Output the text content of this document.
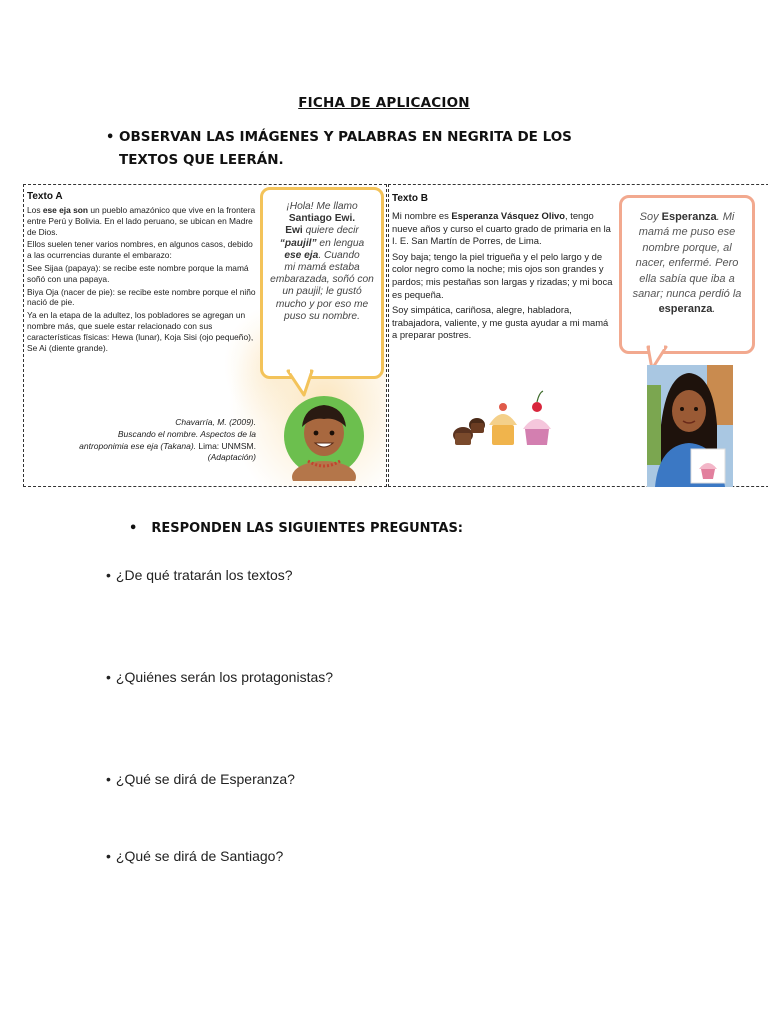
FICHA DE APLICACION
• OBSERVAN LAS IMÁGENES Y PALABRAS EN NEGRITA DE LOS TEXTOS QUE LEERÁN.
Texto A

Los ese eja son un pueblo amazónico que vive en la frontera entre Perú y Bolivia. En el lado peruano, se ubican en Madre de Dios.

Ellos suelen tener varios nombres, en algunos casos, debido a las ocurrencias durante el embarazo:

See Sijaa (papaya): se recibe este nombre porque la mamá soñó con una papaya.

Biya Oja (nacer de pie): se recibe este nombre porque el niño nació de pie.

Ya en la etapa de la adultez, los pobladores se agregan un nombre más, que suele estar relacionado con sus características físicas: Hewa (lunar), Koja Sisi (ojo pequeño), Se Ai (diente grande).

Chavarría, M. (2009).
Buscando el nombre. Aspectos de la
antroponimia ese eja (Takana). Lima: UNMSM.
(Adaptación)
¡Hola! Me llamo
Santiago Ewi.
Ewi quiere decir
“paujil” en lengua
ese eja. Cuando
mi mamá estaba embarazada, soñó con un paujil; le gustó mucho y por eso me puso su nombre.
Texto B

Mi nombre es Esperanza Vásquez Olivo, tengo nueve años y curso el cuarto grado de primaria en la I. E. San Martín de Porres, de Lima.

Soy baja; tengo la piel trigueña y el pelo largo y de color negro como la noche; mis ojos son grandes y pardos; mis pestañas son largas y rizadas; y mi boca es pequeña.

Soy simpática, cariñosa, alegre, habladora, trabajadora, valiente, y me gusta ayudar a mi mamá a preparar postres.

Soy Esperanza. Mi mamá me puso ese nombre porque, al nacer, enfermé. Pero ella sabía que iba a sanar; nunca perdió la esperanza.
• RESPONDEN LAS SIGUIENTES PREGUNTAS:
• ¿De qué tratarán los textos?
• ¿Quiénes serán los protagonistas?
• ¿Qué se dirá de Esperanza?
• ¿Qué se dirá de Santiago?
